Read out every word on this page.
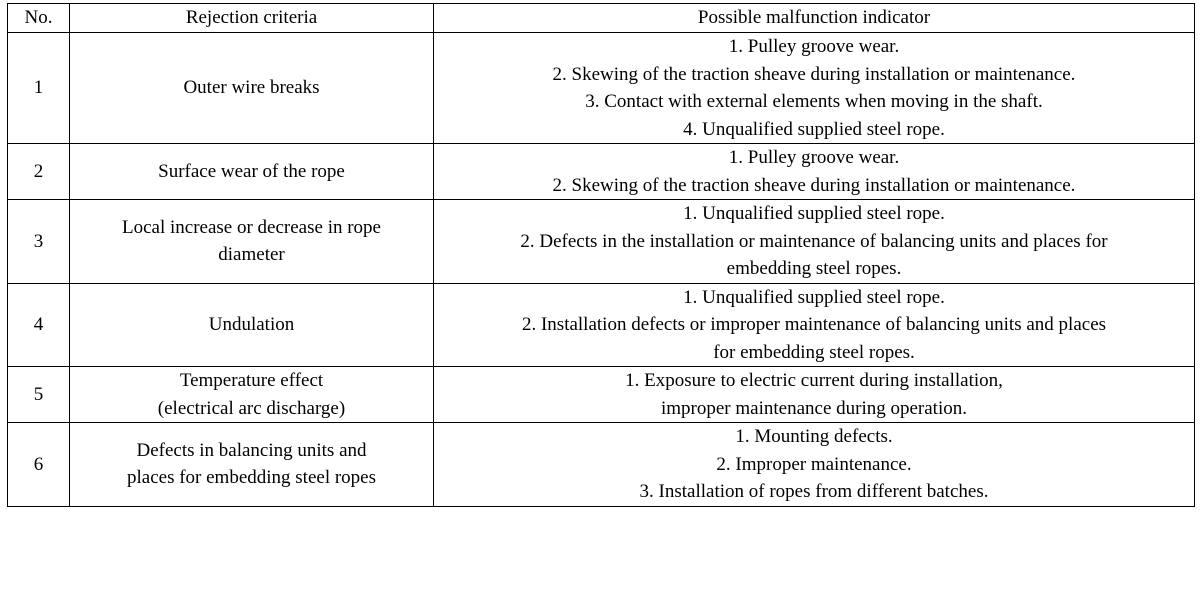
No.	Rejection criteria	Possible malfunction indicator
1	Outer wire breaks	1. Pulley groove wear.
2. Skewing of the traction sheave during installation or maintenance.
3. Contact with external elements when moving in the shaft.
4. Unqualified supplied steel rope.

2	Surface wear of the rope	1. Pulley groove wear.
2. Skewing of the traction sheave during installation or maintenance.

3	Local increase or decrease in rope
diameter	1. Unqualified supplied steel rope.
2. Defects in the installation or maintenance of balancing units and places for
embedding steel ropes.

4	Undulation	1. Unqualified supplied steel rope.
2. Installation defects or improper maintenance of balancing units and places
for embedding steel ropes.

5	Temperature effect
(electrical arc discharge)	1. Exposure to electric current during installation,
improper maintenance during operation.

6	Defects in balancing units and
places for embedding steel ropes	1. Mounting defects.
2. Improper maintenance.
3. Installation of ropes from different batches.
